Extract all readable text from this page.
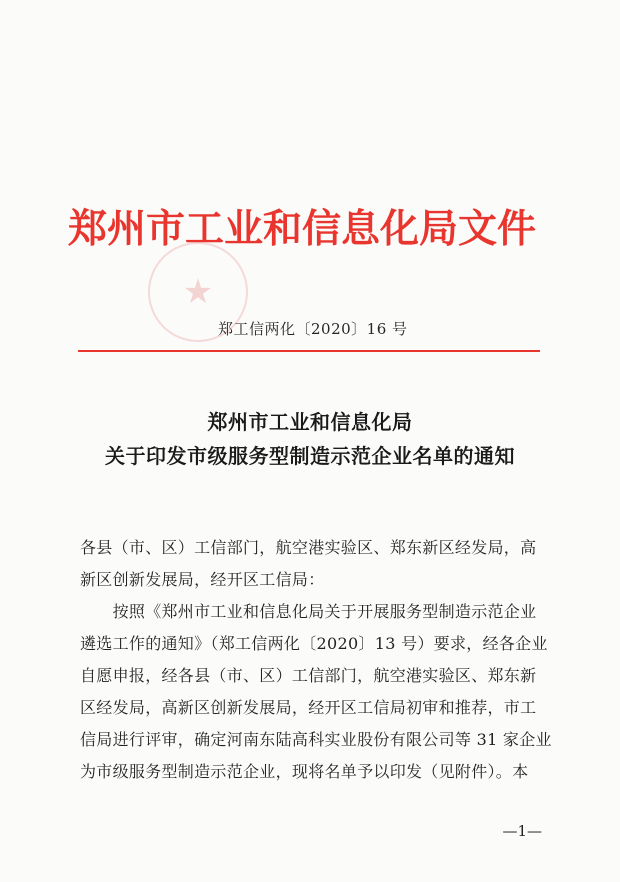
★
郑州市工业和信息化局文件
郑工信两化〔2020〕16 号
郑州市工业和信息化局
关于印发市级服务型制造示范企业名单的通知
各县（市、区）工信部门，航空港实验区、郑东新区经发局，高
新区创新发展局，经开区工信局：
　　按照《郑州市工业和信息化局关于开展服务型制造示范企业
遴选工作的通知》（郑工信两化〔2020〕13 号）要求，经各企业
自愿申报，经各县（市、区）工信部门，航空港实验区、郑东新
区经发局，高新区创新发展局，经开区工信局初审和推荐，市工
信局进行评审，确定河南东陆高科实业股份有限公司等 31 家企业
为市级服务型制造示范企业，现将名单予以印发（见附件）。本
—1—
